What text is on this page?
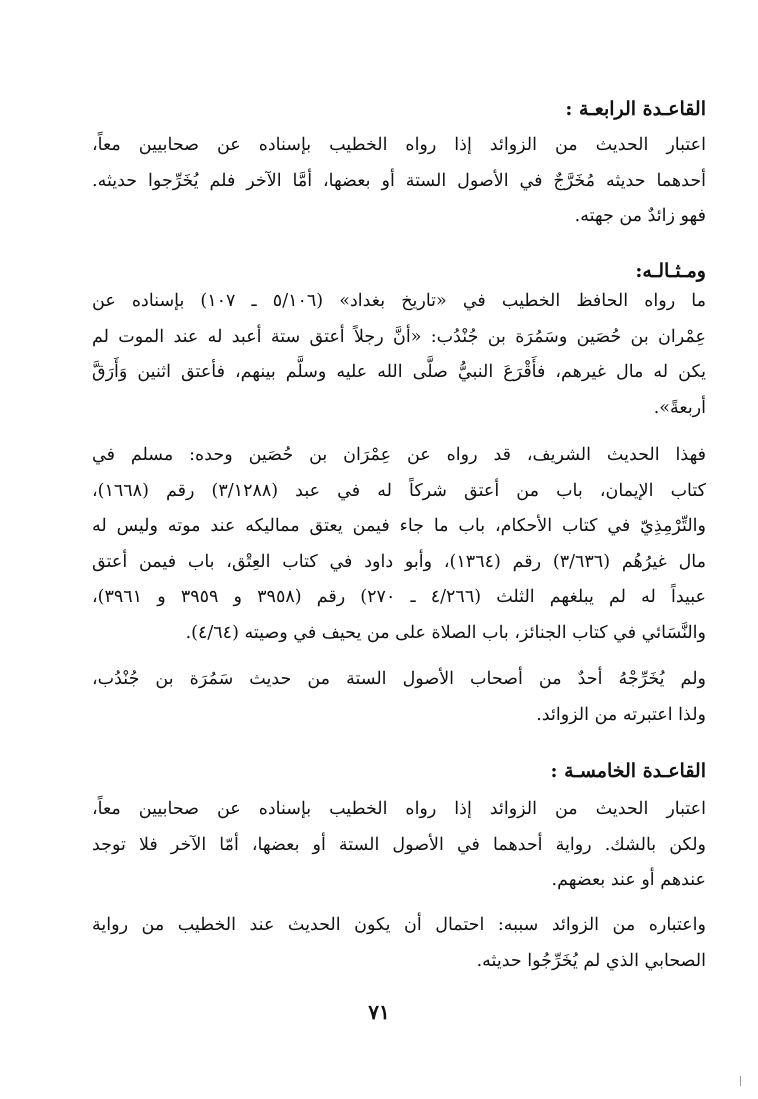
القاعـدة الرابعـة :
اعتبار الحديث من الزوائد إذا رواه الخطيب بإسناده عن صحابيين معاً،
أحدهما حديثه مُخَرَّجٌ في الأصول الستة أو بعضها، أمَّا الآخر فلم يُخَرِّجوا حديثه.
فهو زائدٌ من جهته.
ومـثـالـه:
ما رواه الحافظ الخطيب في «تاريخ بغداد» (٥/١٠٦ ـ ١٠٧) بإسناده عن
عِمْران بن حُصَين وسَمُرَة بن جُنْدُب: «أنَّ رجلاً أعتق ستة أعبد له عند الموت لم
يكن له مال غيرهم، فأَقْرَعَ النبيُّ صلَّى الله عليه وسلَّم بينهم، فأعتق اثنين وَأَرَقَّ
أربعةً».
فهذا الحديث الشريف، قد رواه عن عِمْرَان بن حُصَين وحده: مسلم في
كتاب الإيمان، باب من أعتق شركاً له في عبد (٣/١٢٨٨) رقم (١٦٦٨)،
والتِّرْمِذِيّ في كتاب الأحكام، باب ما جاء فيمن يعتق مماليكه عند موته وليس له
مال غيرُهُم (٣/٦٣٦) رقم (١٣٦٤)، وأبو داود في كتاب العِتْق، باب فيمن أعتق
عبيداً له لم يبلغهم الثلث (٤/٢٦٦ ـ ٢٧٠) رقم (٣٩٥٨ و ٣٩٥٩ و ٣٩٦١)،
والنَّسَائي في كتاب الجنائز، باب الصلاة على من يحيف في وصيته (٤/٦٤).
ولم يُخَرِّجْهُ أحدٌ من أصحاب الأصول الستة من حديث سَمُرَة بن جُنْدُب،
ولذا اعتبرته من الزوائد.
القاعـدة الخامسـة :
اعتبار الحديث من الزوائد إذا رواه الخطيب بإسناده عن صحابيين معاً،
ولكن بالشك. رواية أحدهما في الأصول الستة أو بعضها، أمّا الآخر فلا توجد
عندهم أو عند بعضهم.
واعتباره من الزوائد سببه: احتمال أن يكون الحديث عند الخطيب من رواية
الصحابي الذي لم يُخَرِّجُوا حديثه.
٧١
